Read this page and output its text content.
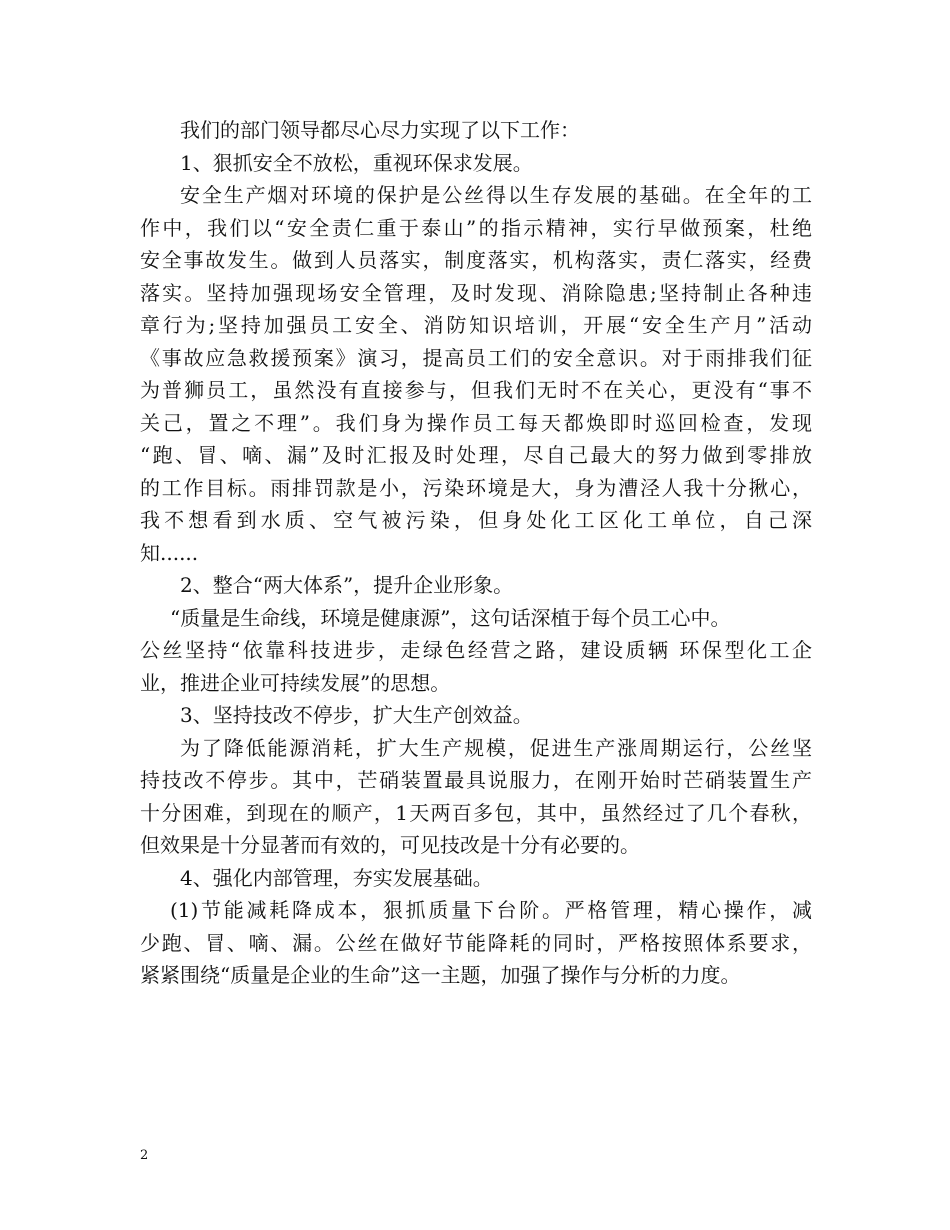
我们的部门领导都尽心尽力实现了以下工作：
1、狠抓安全不放松，重视环保求发展。
安全生产烟对环境的保护是公丝得以生存发展的基础。在全年的工
作中，我们以“安全责仁重于泰山”的指示精神，实行早做预案，杜绝
安全事故发生。做到人员落实，制度落实，机构落实，责仁落实，经费
落实。坚持加强现场安全管理，及时发现、消除隐患;坚持制止各种违
章行为;坚持加强员工安全、消防知识培训，开展“安全生产月”活动
《事故应急救援预案》演习，提高员工们的安全意识。对于雨排我们征
为普狮员工，虽然没有直接参与，但我们无时不在关心，更没有“事不
关己，置之不理”。我们身为操作员工每天都焕即时巡回检查，发现
“跑、冒、嘀、漏”及时汇报及时处理，尽自己最大的努力做到零排放
的工作目标。雨排罚款是小，污染环境是大，身为漕泾人我十分揪心，
我不想看到水质、空气被污染，但身处化工区化工单位，自己深
知......
2、整合“两大体系”，提升企业形象。
“质量是生命线，环境是健康源”，这句话深植于每个员工心中。
公丝坚持“依靠科技进步，走绿色经营之路，建设质辆 环保型化工企
业，推进企业可持续发展”的思想。
3、坚持技改不停步，扩大生产创效益。
为了降低能源消耗，扩大生产规模，促进生产涨周期运行，公丝坚
持技改不停步。其中，芒硝装置最具说服力，在刚开始时芒硝装置生产
十分困难，到现在的顺产，1天两百多包，其中，虽然经过了几个春秋，
但效果是十分显著而有效的，可见技改是十分有必要的。
4、强化内部管理，夯实发展基础。
(1)节能减耗降成本，狠抓质量下台阶。严格管理，精心操作，减
少跑、冒、嘀、漏。公丝在做好节能降耗的同时，严格按照体系要求，
紧紧围绕“质量是企业的生命”这一主题，加强了操作与分析的力度。
2
